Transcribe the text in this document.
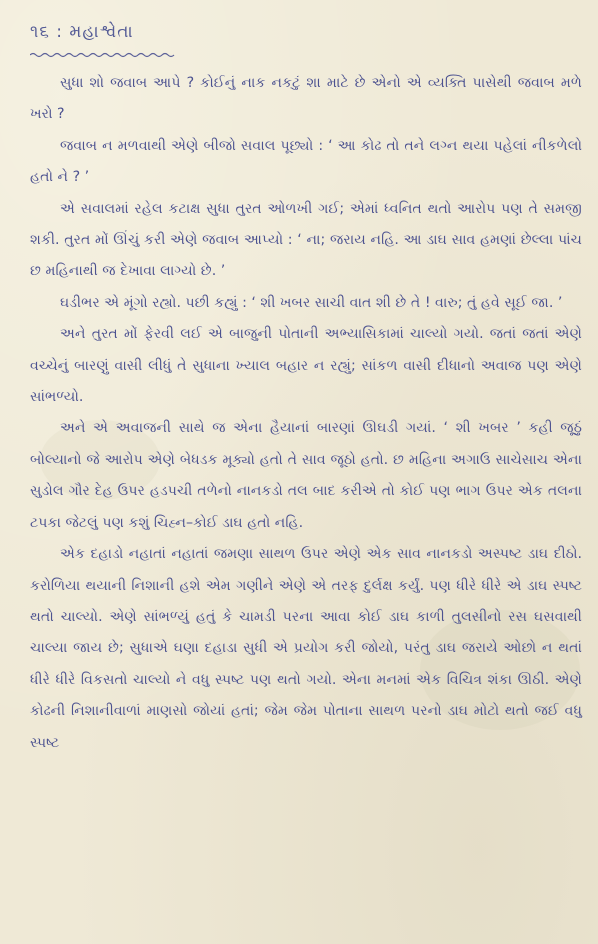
૧૬ : મહાશ્વેતા

સુધા શો જવાબ આપે ? કોઈનું નાક નકટું શા માટે છે એનો એ વ્યક્તિ પાસેથી જવાબ મળે ખરો ?

જવાબ ન મળવાથી એણે બીજો સવાલ પૂછ્યો : ‘ આ કોઢ તો તને લગ્ન થયા પહેલાં નીકળેલો હતો ને ? ’

એ સવાલમાં રહેલ કટાક્ષ સુધા તુરત ઓળખી ગઈ; એમાં ધ્વનિત થતો આરોપ પણ તે સમજી શકી. તુરત મોં ઊંચું કરી એણે જવાબ આપ્યો : ‘ ના; જરાય નહિ. આ ડાઘ સાવ હમણાં છેલ્લા પાંચ છ મહિનાથી જ દેખાવા લાગ્યો છે. ’

ઘડીભર એ મૂંગો રહ્યો. પછી કહ્યું : ‘ શી ખબર સાચી વાત શી છે તે ! વારુ; તું હવે સૂઈ જા. ’

અને તુરત મોં ફેરવી લઈ એ બાજુની પોતાની અભ્યાસિકામાં ચાલ્યો ગયો. જતાં જતાં એણે વચ્ચેનું બારણું વાસી લીધું તે સુધાના ખ્યાલ બહાર ન રહ્યું; સાંકળ વાસી દીધાનો અવાજ પણ એણે સાંભળ્યો.

અને એ અવાજની સાથે જ એના હૈયાનાં બારણાં ઊઘડી ગયાં. ‘ શી ખબર ’ કહી જૂઠું બોલ્યાનો જે આરોપ એણે બેધડક મૂક્યો હતો તે સાવ જૂઠો હતો. છ મહિના અગાઉ સાચેસાચ એના સુડોલ ગૌર દેહ ઉપર હડપચી તળેનો નાનકડો તલ બાદ કરીએ તો કોઈ પણ ભાગ ઉપર એક તલના ટપકા જેટલું પણ કશું ચિહ્ન–કોઈ ડાઘ હતો નહિ.

એક દહાડો નહાતાં નહાતાં જમણા સાથળ ઉપર એણે એક સાવ નાનકડો અસ્પષ્ટ ડાઘ દીઠો. કરોળિયા થયાની નિશાની હશે એમ ગણીને એણે એ તરફ દુર્લક્ષ કર્યું. પણ ધીરે ધીરે એ ડાઘ સ્પષ્ટ થતો ચાલ્યો. એણે સાંભળ્યું હતું કે ચામડી પરના આવા કોઈ ડાઘ કાળી તુલસીનો રસ ઘસવાથી ચાલ્યા જાય છે; સુધાએ ઘણા દહાડા સુધી એ પ્રયોગ કરી જોયો, પરંતુ ડાઘ જરાયે ઓછો ન થતાં ધીરે ધીરે વિકસતો ચાલ્યો ને વધુ સ્પષ્ટ પણ થતો ગયો. એના મનમાં એક વિચિત્ર શંકા ઊઠી. એણે કોઢની નિશાનીવાળાં માણસો જોયાં હતાં; જેમ જેમ પોતાના સાથળ પરનો ડાઘ મોટો થતો જઈ વધુ સ્પષ્ટ
